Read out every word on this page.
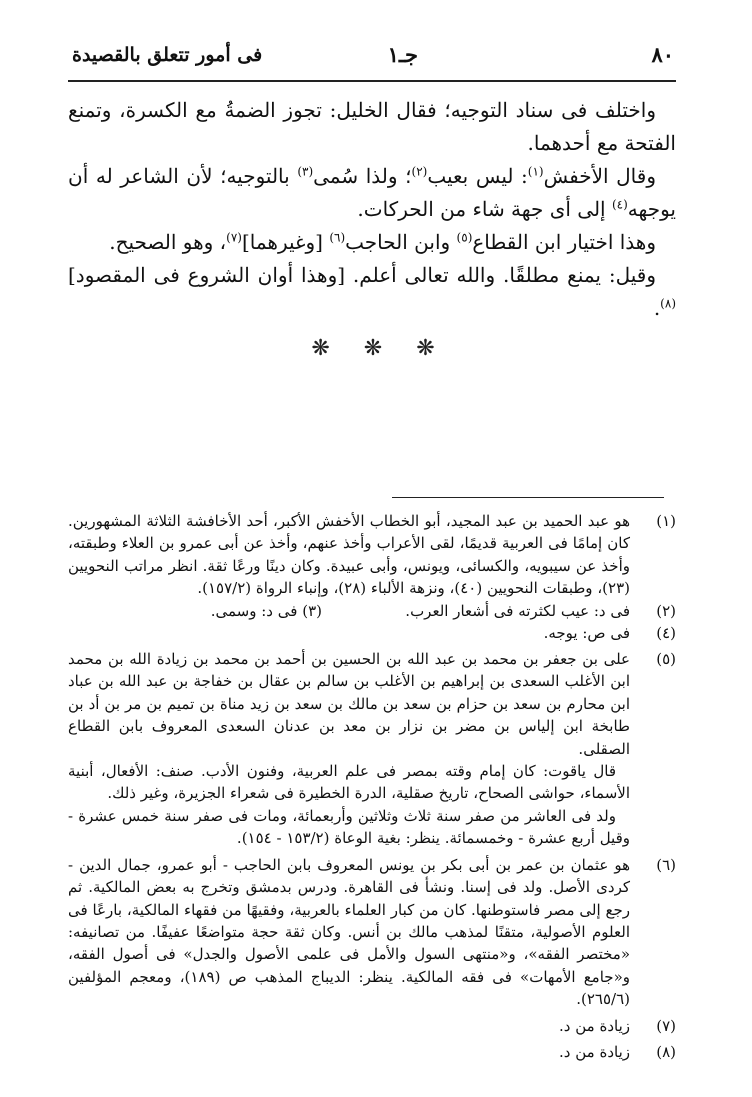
٨٠
جـ١
فى أمور تتعلق بالقصيدة

واختلف فى سناد التوجيه؛ فقال الخليل: تجوز الضمةُ مع الكسرة، وتمنع الفتحة مع أحدهما.

وقال الأخفش$^{(١)}$: ليس بعيب$^{(٢)}$؛ ولذا سُمى$^{(٣)}$ بالتوجيه؛ لأن الشاعر له أن يوجهه$^{(٤)}$ إلى أى جهة شاء من الحركات.

وهذا اختيار ابن القطاع$^{(٥)}$ وابن الحاجب$^{(٦)}$ [وغيرهما]$^{(٧)}$، وهو الصحيح.

وقيل: يمنع مطلقًا. والله تعالى أعلم. [وهذا أوان الشروع فى المقصود]$^{(٨)}$.

❋❋❋
(١)

هو عبد الحميد بن عبد المجيد، أبو الخطاب الأخفش الأكبر، أحد الأخافشة الثلاثة المشهورين. كان إمامًا فى العربية قديمًا، لقى الأعراب وأخذ عنهم، وأخذ عن أبى عمرو بن العلاء وطبقته، وأخذ عن سيبويه، والكسائى، ويونس، وأبى عبيدة. وكان دينًا ورعًا ثقة. انظر مراتب النحويين (٢٣)، وطبقات النحويين (٤٠)، ونزهة الألباء (٢٨)، وإنباء الرواة (١٥٧/٢).

(٢)
فى د: عيب لكثرته فى أشعار العرب.
(٣) فى د: وسمى.
(٤)

فى ص: يوجه.

(٥)

على بن جعفر بن محمد بن عبد الله بن الحسين بن أحمد بن محمد بن زيادة الله بن محمد ابن الأغلب السعدى بن إبراهيم بن الأغلب بن سالم بن عقال بن خفاجة بن عبد الله بن عباد ابن محارم بن سعد بن حزام بن سعد بن مالك بن سعد بن زيد مناة بن تميم بن مر بن أد بن طابخة ابن إلياس بن مضر بن نزار بن معد بن عدنان السعدى المعروف بابن القطاع الصقلى.

قال ياقوت: كان إمام وقته بمصر فى علم العربية، وفنون الأدب. صنف: الأفعال، أبنية الأسماء، حواشى الصحاح، تاريخ صقلية، الدرة الخطيرة فى شعراء الجزيرة، وغير ذلك.

ولد فى العاشر من صفر سنة ثلاث وثلاثين وأربعمائة، ومات فى صفر سنة خمس عشرة - وقيل أربع عشرة - وخمسمائة. ينظر: بغية الوعاة (١٥٣/٢ - ١٥٤).

(٦)

هو عثمان بن عمر بن أبى بكر بن يونس المعروف بابن الحاجب - أبو عمرو، جمال الدين - كردى الأصل. ولد فى إسنا. ونشأ فى القاهرة. ودرس بدمشق وتخرج به بعض المالكية. ثم رجع إلى مصر فاستوطنها. كان من كبار العلماء بالعربية، وفقيهًا من فقهاء المالكية، بارعًا فى العلوم الأصولية، متقنًا لمذهب مالك بن أنس. وكان ثقة حجة متواضعًا عفيفًا. من تصانيفه: «مختصر الفقه»، و«منتهى السول والأمل فى علمى الأصول والجدل» فى أصول الفقه، و«جامع الأمهات» فى فقه المالكية. ينظر: الديباج المذهب ص (١٨٩)، ومعجم المؤلفين (٢٦٥/٦).

(٧)

زيادة من د.

(٨)

زيادة من د.
